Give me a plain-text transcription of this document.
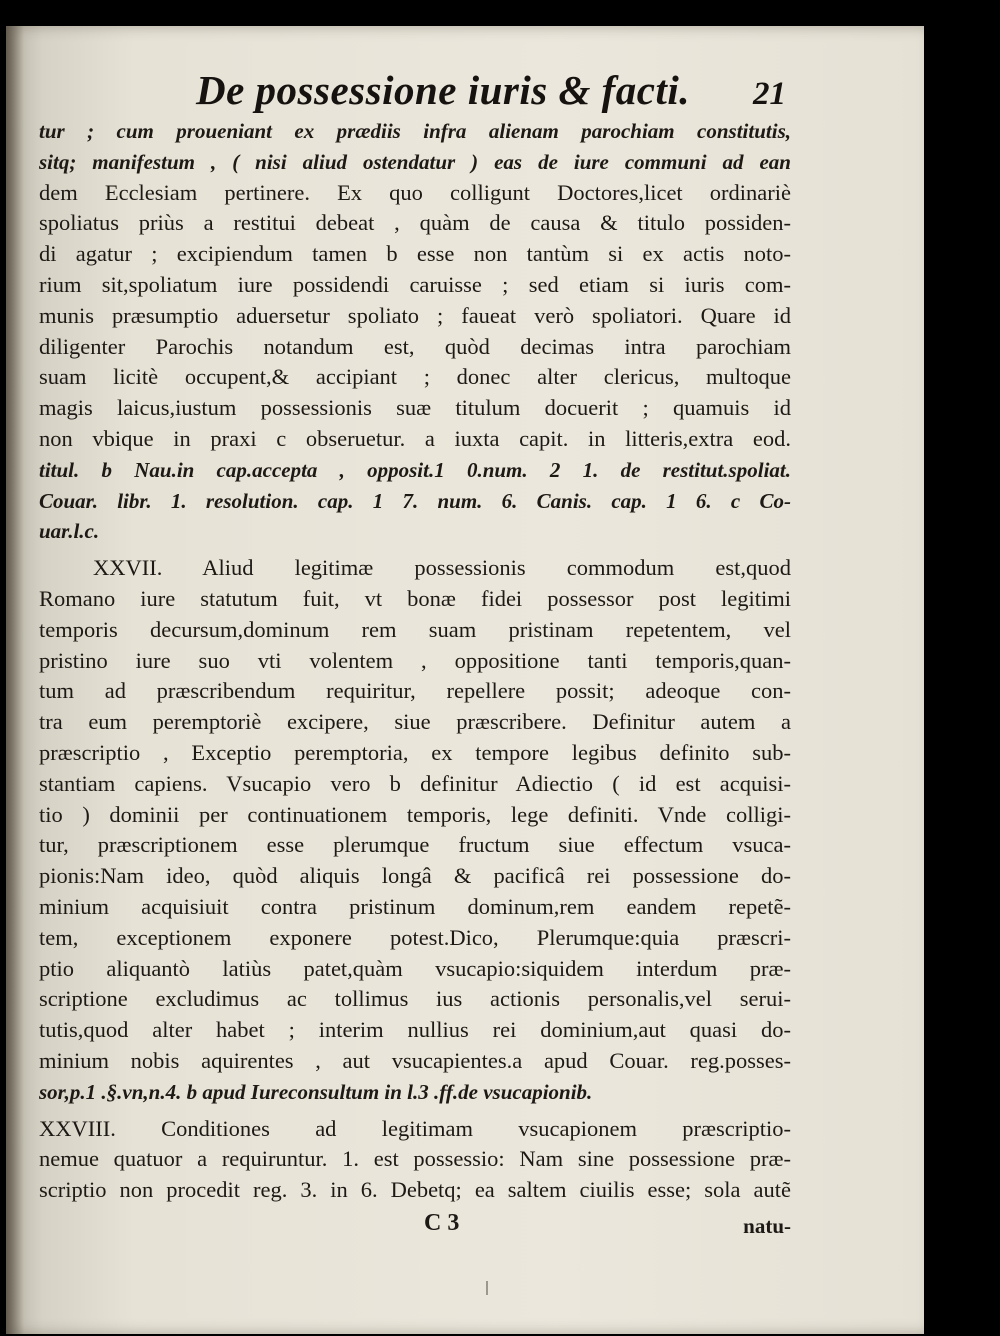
De possessione iuris & facti. 21
tur ; cum proueniant ex prædiis infra alienam parochiam constitutis,
sitq; manifestum , ( nisi aliud ostendatur ) eas de iure communi ad ean
dem Ecclesiam pertinere. Ex quo colligunt Doctores,licet ordinariè
spoliatus priùs a restitui debeat , quàm de causa & titulo possiden-
di agatur ; excipiendum tamen b esse non tantùm si ex actis noto-
rium sit,spoliatum iure possidendi caruisse ; sed etiam si iuris com-
munis præsumptio aduersetur spoliato ; faueat verò spoliatori. Quare id
diligenter Parochis notandum est, quòd decimas intra parochiam
suam licitè occupent,& accipiant ; donec alter clericus, multoque
magis laicus,iustum possessionis suæ titulum docuerit ; quamuis id
non vbique in praxi c obseruetur. a iuxta capit. in litteris,extra eod.
titul. b Nau.in cap.accepta , opposit.1 0.num. 2 1. de restitut.spoliat.
Couar. libr. 1. resolution. cap. 1 7. num. 6. Canis. cap. 1 6. c Co-
uar.l.c.
XXVII. Aliud legitimæ possessionis commodum est,quod
Romano iure statutum fuit, vt bonæ fidei possessor post legitimi
temporis decursum,dominum rem suam pristinam repetentem, vel
pristino iure suo vti volentem , oppositione tanti temporis,quan-
tum ad præscribendum requiritur, repellere possit; adeoque con-
tra eum peremptoriè excipere, siue præscribere. Definitur autem a
præscriptio , Exceptio peremptoria, ex tempore legibus definito sub-
stantiam capiens. Vsucapio vero b definitur Adiectio ( id est acquisi-
tio ) dominii per continuationem temporis, lege definiti. Vnde colligi-
tur, præscriptionem esse plerumque fructum siue effectum vsuca-
pionis:Nam ideo, quòd aliquis longâ & pacificâ rei possessione do-
minium acquisiuit contra pristinum dominum,rem eandem repetẽ-
tem, exceptionem exponere potest.Dico, Plerumque:quia præscri-
ptio aliquantò latiùs patet,quàm vsucapio:siquidem interdum præ-
scriptione excludimus ac tollimus ius actionis personalis,vel serui-
tutis,quod alter habet ; interim nullius rei dominium,aut quasi do-
minium nobis aquirentes , aut vsucapientes.a apud Couar. reg.posses-
sor,p.1 .§.vn,n.4. b apud Iureconsultum in l.3 .ff.de vsucapionib.
XXVIII. Conditiones ad legitimam vsucapionem præscriptio-
nemue quatuor a requiruntur. 1. est possessio: Nam sine possessione præ-
scriptio non procedit reg. 3. in 6. Debetq; ea saltem ciuilis esse; sola autẽ
C 3	natu-
